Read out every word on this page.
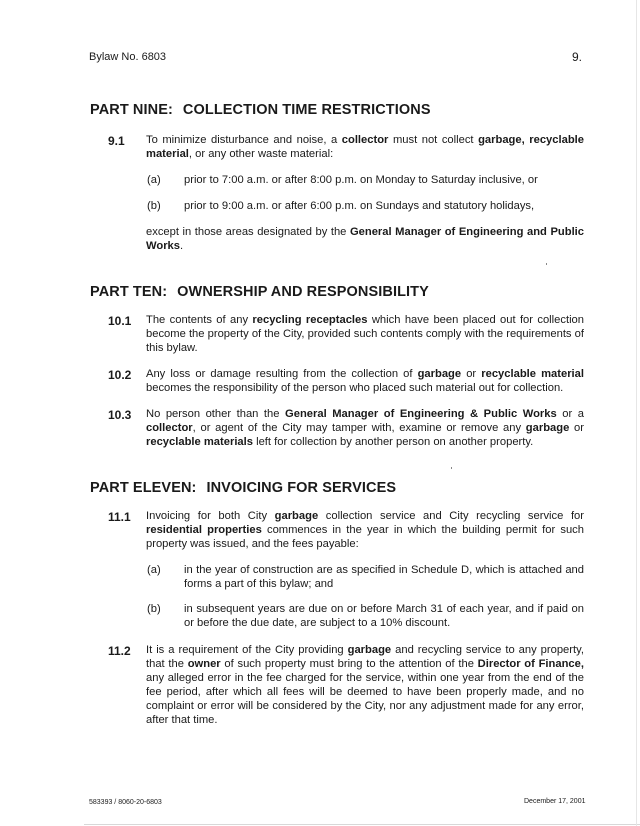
Bylaw No. 6803	9.
PART NINE: COLLECTION TIME RESTRICTIONS
9.1 To minimize disturbance and noise, a collector must not collect garbage, recyclable material, or any other waste material:
(a) prior to 7:00 a.m. or after 8:00 p.m. on Monday to Saturday inclusive, or
(b) prior to 9:00 a.m. or after 6:00 p.m. on Sundays and statutory holidays,
except in those areas designated by the General Manager of Engineering and Public Works.
PART TEN: OWNERSHIP AND RESPONSIBILITY
10.1 The contents of any recycling receptacles which have been placed out for collection become the property of the City, provided such contents comply with the requirements of this bylaw.
10.2 Any loss or damage resulting from the collection of garbage or recyclable material becomes the responsibility of the person who placed such material out for collection.
10.3 No person other than the General Manager of Engineering & Public Works or a collector, or agent of the City may tamper with, examine or remove any garbage or recyclable materials left for collection by another person on another property.
PART ELEVEN: INVOICING FOR SERVICES
11.1 Invoicing for both City garbage collection service and City recycling service for residential properties commences in the year in which the building permit for such property was issued, and the fees payable:
(a) in the year of construction are as specified in Schedule D, which is attached and forms a part of this bylaw; and
(b) in subsequent years are due on or before March 31 of each year, and if paid on or before the due date, are subject to a 10% discount.
11.2 It is a requirement of the City providing garbage and recycling service to any property, that the owner of such property must bring to the attention of the Director of Finance, any alleged error in the fee charged for the service, within one year from the end of the fee period, after which all fees will be deemed to have been properly made, and no complaint or error will be considered by the City, nor any adjustment made for any error, after that time.
583393 / 8060-20-6803	December 17, 2001
